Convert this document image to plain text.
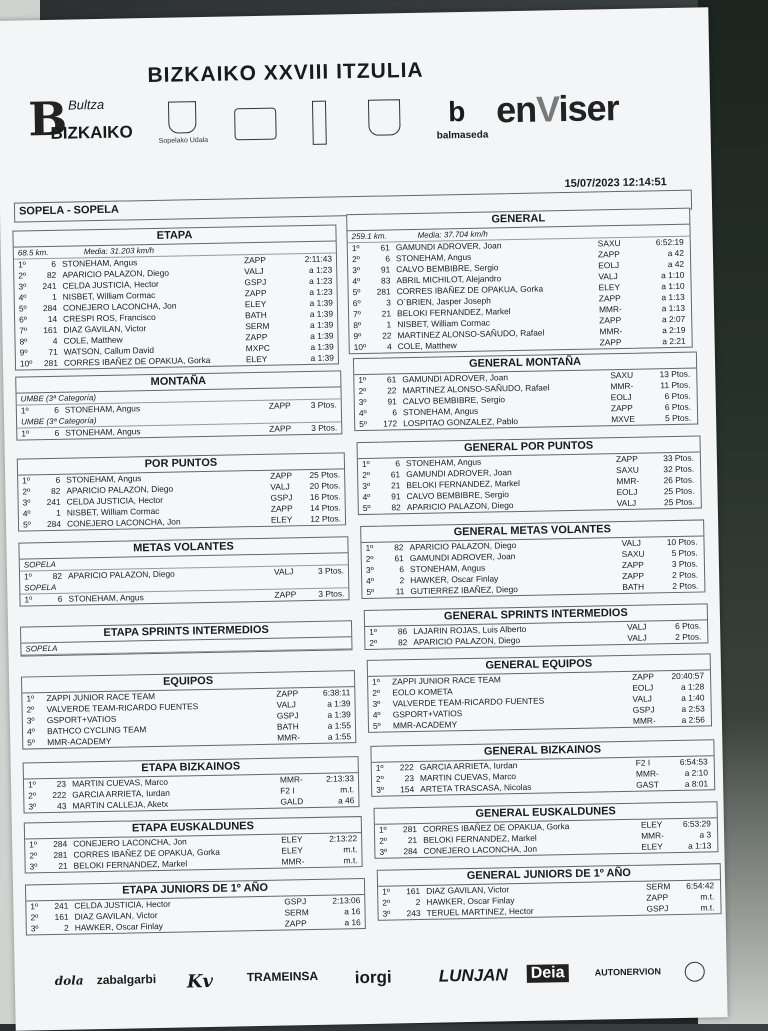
BIZKAIKO XXVIII ITZULIA
B Bultza
BIZKAIKO	Sopelako Udala
b
balmaseda
enViser
15/07/2023 12:14:51
SOPELA - SOPELA
ETAPA
68.5 km.	Media: 31.203 km/h
1º	6 STONEHAM, Angus	ZAPP	2:11:43
2º	82 APARICIO PALAZON, Diego	VALJ	a 1:23
3º	241 CELDA JUSTICIA, Hector	GSPJ	a 1:23
4º	1 NISBET, William Cormac	ZAPP	a 1:23
5º	284 CONEJERO LACONCHA, Jon	ELEY	a 1:39
6º	14 CRESPI ROS, Francisco	BATH	a 1:39
7º	161 DIAZ GAVILAN, Victor	SERM	a 1:39
8º	4 COLE, Matthew	ZAPP	a 1:39
9º	71 WATSON, Callum David	MXPC	a 1:39
10º	281 CORRES IBAÑEZ DE OPAKUA, Gorka	ELEY	a 1:39
GENERAL
259.1 km.	Media: 37.704 km/h
1º	61 GAMUNDI ADROVER, Joan	SAXU	6:52:19
2º	6 STONEHAM, Angus	ZAPP	a 42
3º	91 CALVO BEMBIBRE, Sergio	EOLJ	a 42
4º	83 ABRIL MICHILOT, Alejandro	VALJ	a 1:10
5º	281 CORRES IBAÑEZ DE OPAKUA, Gorka	ELEY	a 1:10
6º	3 O`BRIEN, Jasper Joseph	ZAPP	a 1:13
7º	21 BELOKI FERNANDEZ, Markel	MMR-	a 1:13
8º	1 NISBET, William Cormac	ZAPP	a 2:07
9º	22 MARTINEZ ALONSO-SAÑUDO, Rafael	MMR-	a 2:19
10º	4 COLE, Matthew	ZAPP	a 2:21
MONTAÑA
UMBE (3ª Categoría)
1º	6 STONEHAM, Angus	ZAPP 3 Ptos.
UMBE (3ª Categoría)
1º	6 STONEHAM, Angus	ZAPP 3 Ptos.
GENERAL MONTAÑA
1º	61 GAMUNDI ADROVER, Joan	SAXU	13 Ptos.
2º	22 MARTINEZ ALONSO-SAÑUDO, Rafael	MMR-	11 Ptos.
3º	91 CALVO BEMBIBRE, Sergio	EOLJ	6 Ptos.
4º	6 STONEHAM, Angus	ZAPP	6 Ptos.
5º	172 LOSPITAO GONZALEZ, Pablo	MXVE	5 Ptos.
POR PUNTOS
1º	6 STONEHAM, Angus	ZAPP 25 Ptos.
2º	82 APARICIO PALAZON, Diego	VALJ 20 Ptos.
3º	241 CELDA JUSTICIA, Hector	GSPJ 16 Ptos.
4º	1 NISBET, William Cormac	ZAPP 14 Ptos.
5º	284 CONEJERO LACONCHA, Jon	ELEY 12 Ptos.
GENERAL POR PUNTOS
1º	6 STONEHAM, Angus	ZAPP	33 Ptos.
2º	61 GAMUNDI ADROVER, Joan	SAXU	32 Ptos.
3º	21 BELOKI FERNANDEZ, Markel	MMR-	26 Ptos.
4º	91 CALVO BEMBIBRE, Sergio	EOLJ	25 Ptos.
5º	82 APARICIO PALAZON, Diego	VALJ	25 Ptos.
METAS VOLANTES
SOPELA
1º	82 APARICIO PALAZON, Diego	VALJ	3 Ptos.
SOPELA
1º	6 STONEHAM, Angus	ZAPP	3 Ptos.
GENERAL METAS VOLANTES
1º	82 APARICIO PALAZON, Diego	VALJ	10 Ptos.
2º	61 GAMUNDI ADROVER, Joan	SAXU	5 Ptos.
3º	6 STONEHAM, Angus	ZAPP	3 Ptos.
4º	2 HAWKER, Oscar Finlay	ZAPP	2 Ptos.
5º	11 GUTIERREZ IBAÑEZ, Diego	BATH	2 Ptos.
ETAPA SPRINTS INTERMEDIOS
SOPELA
GENERAL SPRINTS INTERMEDIOS
1º	86 LAJARIN ROJAS, Luis Alberto	VALJ	6 Ptos.
2º	82 APARICIO PALAZON, Diego	VALJ	2 Ptos.
EQUIPOS
1º	ZAPPI JUNIOR RACE TEAM	ZAPP	6:38:11
2º	VALVERDE TEAM-RICARDO FUENTES	VALJ	a 1:39
3º	GSPORT+VATIOS	GSPJ	a 1:39
4º	BATHCO CYCLING TEAM	BATH	a 1:55
5º	MMR-ACADEMY	MMR-	a 1:55
GENERAL EQUIPOS
1º	ZAPPI JUNIOR RACE TEAM	ZAPP 20:40:57
2º	EOLO KOMETA	EOLJ	a 1:28
3º	VALVERDE TEAM-RICARDO FUENTES	VALJ	a 1:40
4º	GSPORT+VATIOS	GSPJ	a 2:53
5º	MMR-ACADEMY	MMR-	a 2:56
ETAPA BIZKAINOS
1º	23 MARTIN CUEVAS, Marco	MMR-	2:13:33
2º	222 GARCIA ARRIETA, Iurdan	F2 I	m.t.
3º	43 MARTIN CALLEJA, Aketx	GALD	a 46
GENERAL BIZKAINOS
1º	222 GARCIA ARRIETA, Iurdan	F2 I	6:54:53
2º	23 MARTIN CUEVAS, Marco	MMR-	a 2:10
3º	154 ARTETA TRASCASA, Nicolas	GAST	a 8:01
ETAPA EUSKALDUNES
1º	284 CONEJERO LACONCHA, Jon	ELEY	2:13:22
2º	281 CORRES IBAÑEZ DE OPAKUA, Gorka	ELEY	m.t.
3º	21 BELOKI FERNANDEZ, Markel	MMR-	m.t.
GENERAL EUSKALDUNES
1º	281 CORRES IBAÑEZ DE OPAKUA, Gorka	ELEY 6:53:29
2º	21 BELOKI FERNANDEZ, Markel	MMR-	a 3
3º	284 CONEJERO LACONCHA, Jon	ELEY	a 1:13
ETAPA JUNIORS DE 1º AÑO
1º	241 CELDA JUSTICIA, Hector	GSPJ	2:13:06
2º	161 DIAZ GAVILAN, Victor	SERM	a 16
3º	2 HAWKER, Oscar Finlay	ZAPP	a 16
GENERAL JUNIORS DE 1º AÑO
1º	161 DIAZ GAVILAN, Victor	SERM 6:54:42
2º	2 HAWKER, Oscar Finlay	ZAPP	m.t.
3º	243 TERUEL MARTINEZ, Hector	GSPJ	m.t.
dola zabalgarbi Kv	TRAMEINSA iorgi	LUNJAN Deia	AUTONERVION
